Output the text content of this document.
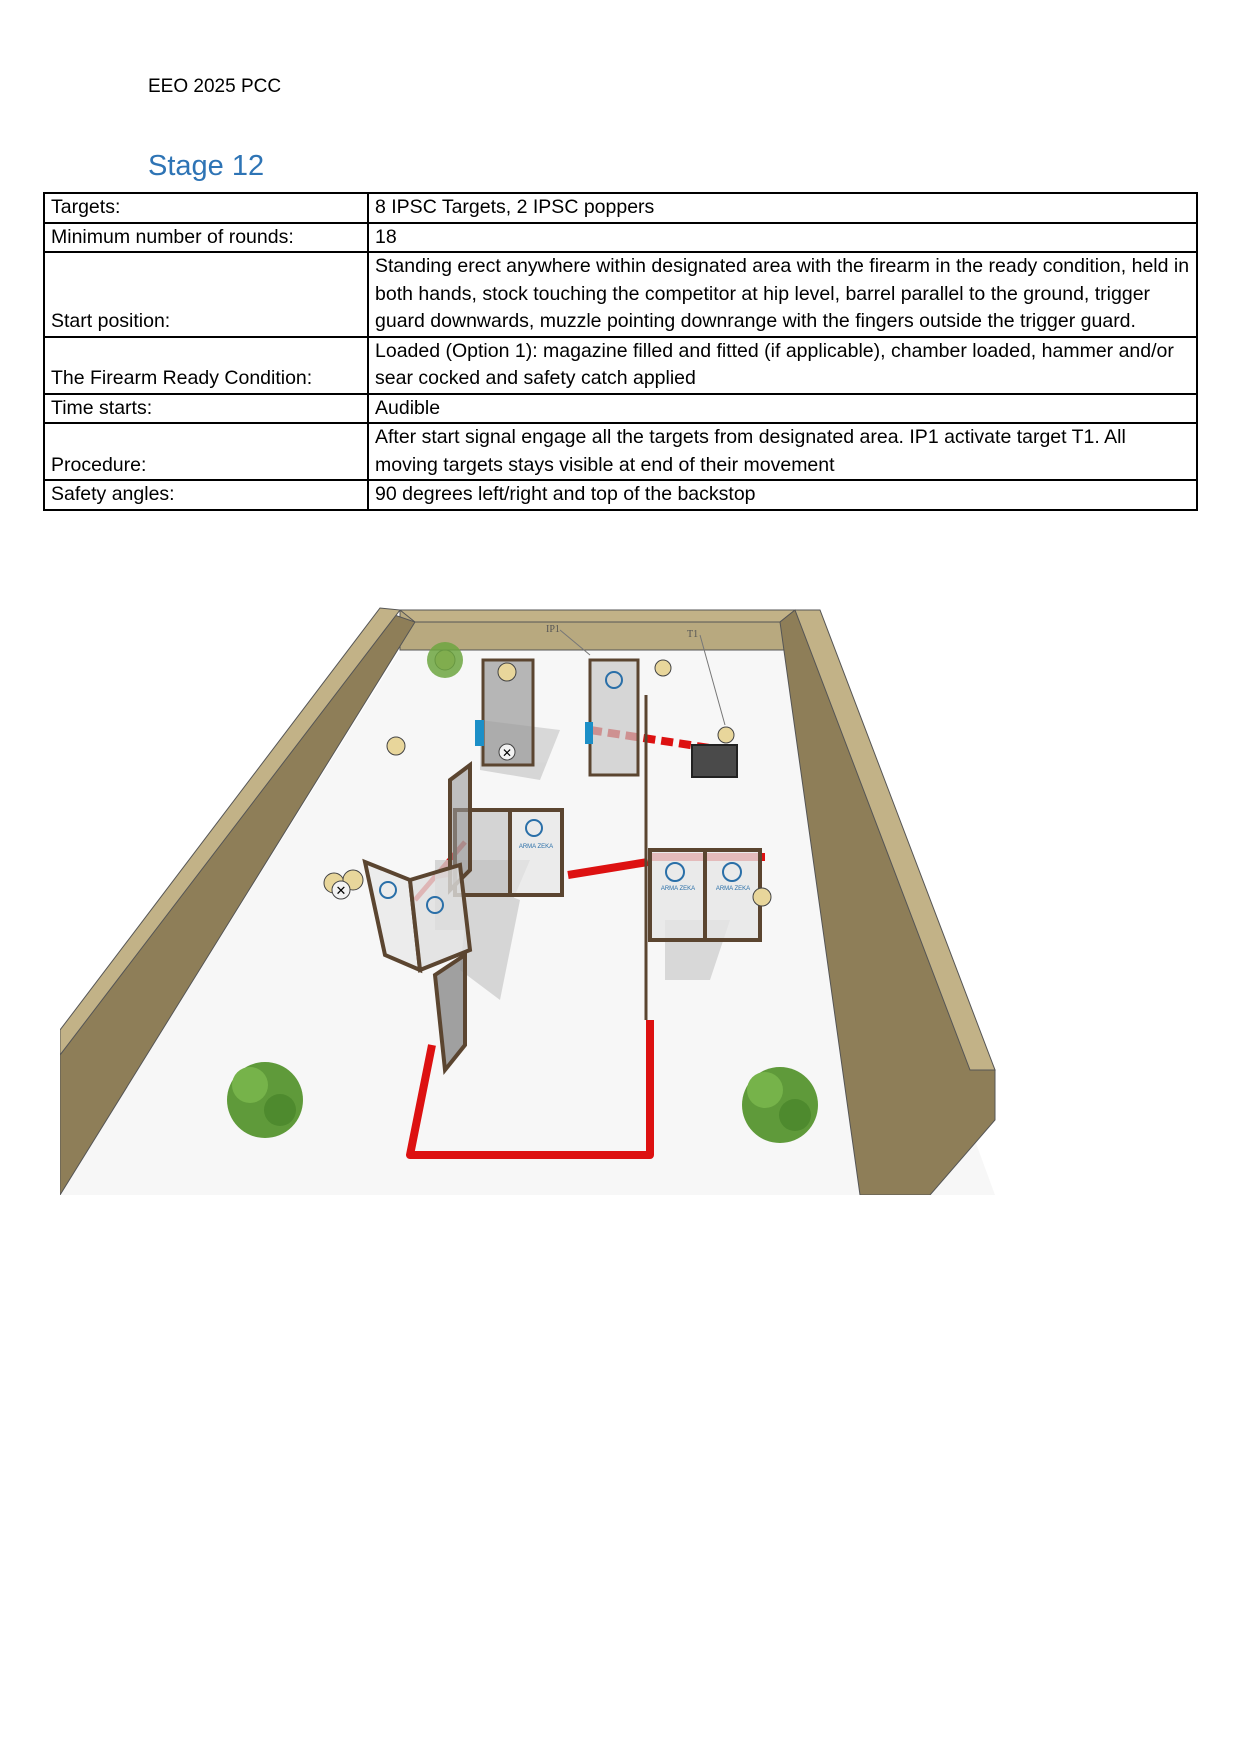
EEO 2025 PCC
Stage 12
Targets:	8 IPSC Targets, 2 IPSC poppers
Minimum number of rounds:	18
Start position:	Standing erect anywhere within designated area with the firearm in the ready condition, held in both hands, stock touching the competitor at hip level, barrel parallel to the ground, trigger guard downwards, muzzle pointing downrange with the fingers outside the trigger guard.
The Firearm Ready Condition:	Loaded (Option 1): magazine filled and fitted (if applicable), chamber loaded, hammer and/or sear cocked and safety catch applied
Time starts:	Audible
Procedure:	After start signal engage all the targets from designated area. IP1 activate target T1. All moving targets stays visible at end of their movement
Safety angles:	90 degrees left/right and top of the backstop
ARMA ZEKA
ARMA ZEKA	ARMA ZEKA
✕
✕
IP1	T1
